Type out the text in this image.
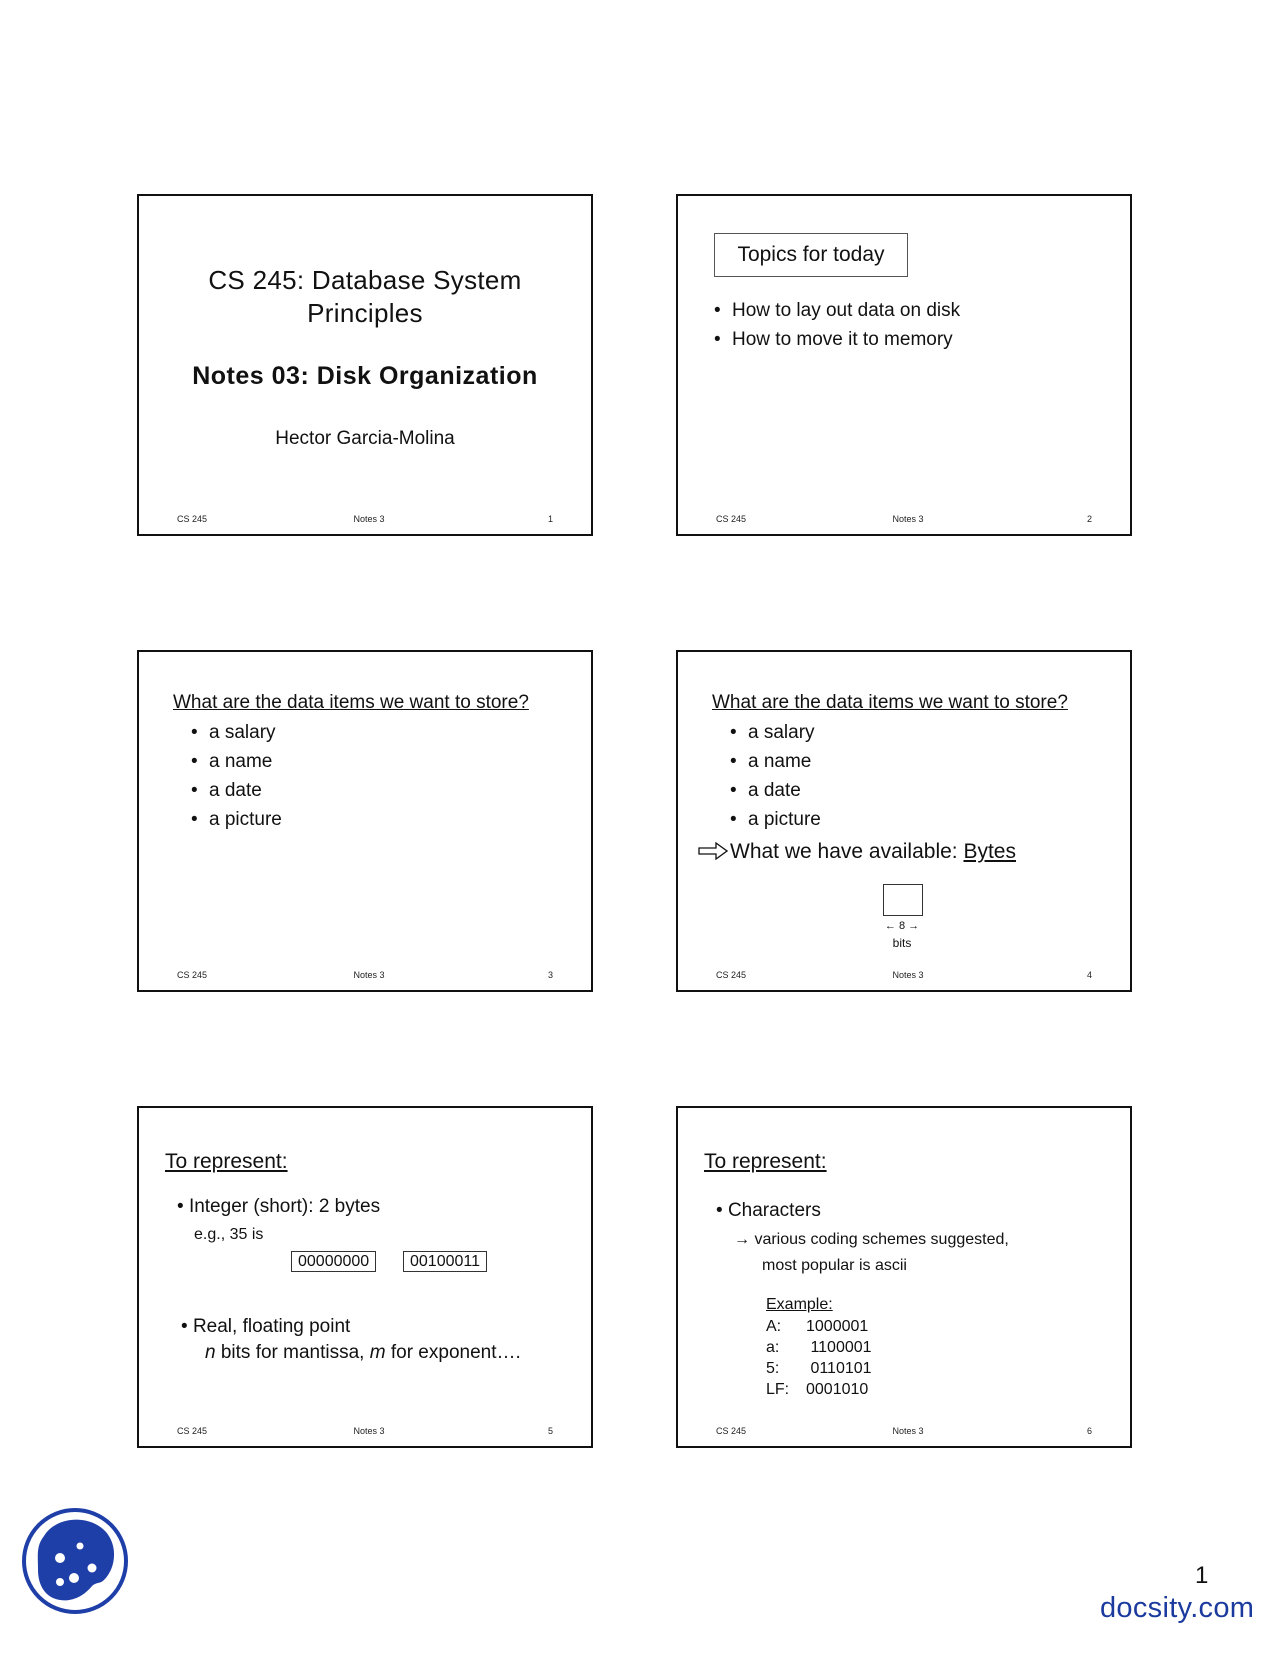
CS 245: Database System
Principles
Notes 03: Disk Organization
Hector Garcia-Molina
CS 245	Notes 3	1
Topics for today
• How to lay out data on disk
• How to move it to memory
CS 245	Notes 3	2
What are the data items we want to store?
• a salary
• a name
• a date
• a picture
CS 245	Notes 3	3
What are the data items we want to store?
• a salary
• a name
• a date
• a picture
What we have available: Bytes
← 8 →
bits
CS 245	Notes 3	4
To represent:
• Integer (short): 2 bytes
e.g., 35 is
00000000	00100011
• Real, floating point
n bits for mantissa, m for exponent….
CS 245	Notes 3	5
To represent:
• Characters
→ various coding schemes suggested,
most popular is ascii
Example:
A: 1000001
a: 1100001
5: 0110101
LF: 0001010
CS 245	Notes 3	6
1
docsity.com
